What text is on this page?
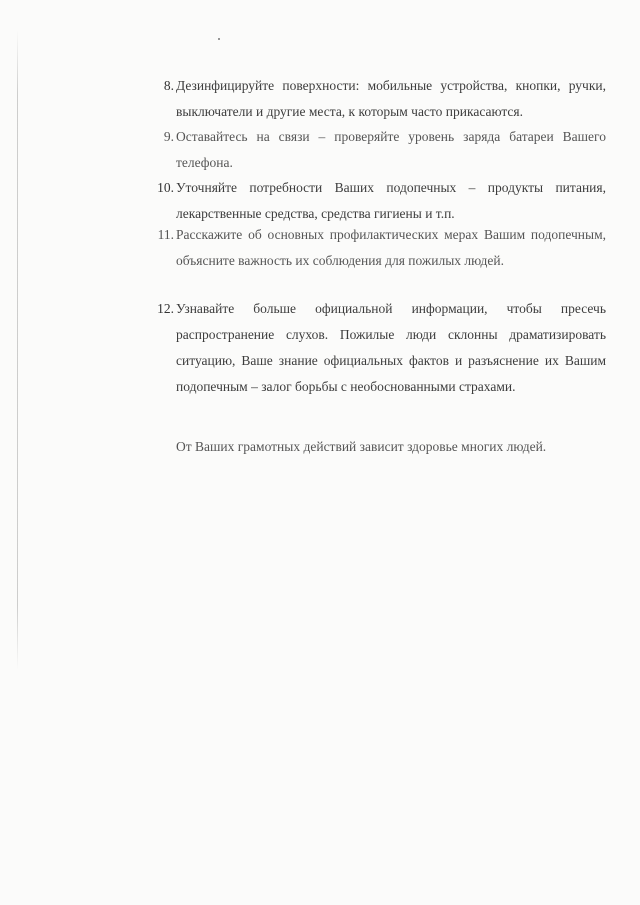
8. Дезинфицируйте поверхности: мобильные устройства, кнопки, ручки, выключатели и другие места, к которым часто прикасаются.
9. Оставайтесь на связи – проверяйте уровень заряда батареи Вашего телефона.
10. Уточняйте потребности Ваших подопечных – продукты питания, лекарственные средства, средства гигиены и т.п.
11. Расскажите об основных профилактических мерах Вашим подопечным, объясните важность их соблюдения для пожилых людей.
12. Узнавайте больше официальной информации, чтобы пресечь распространение слухов. Пожилые люди склонны драматизировать ситуацию, Ваше знание официальных фактов и разъяснение их Вашим подопечным – залог борьбы с необоснованными страхами.

От Ваших грамотных действий зависит здоровье многих людей.
